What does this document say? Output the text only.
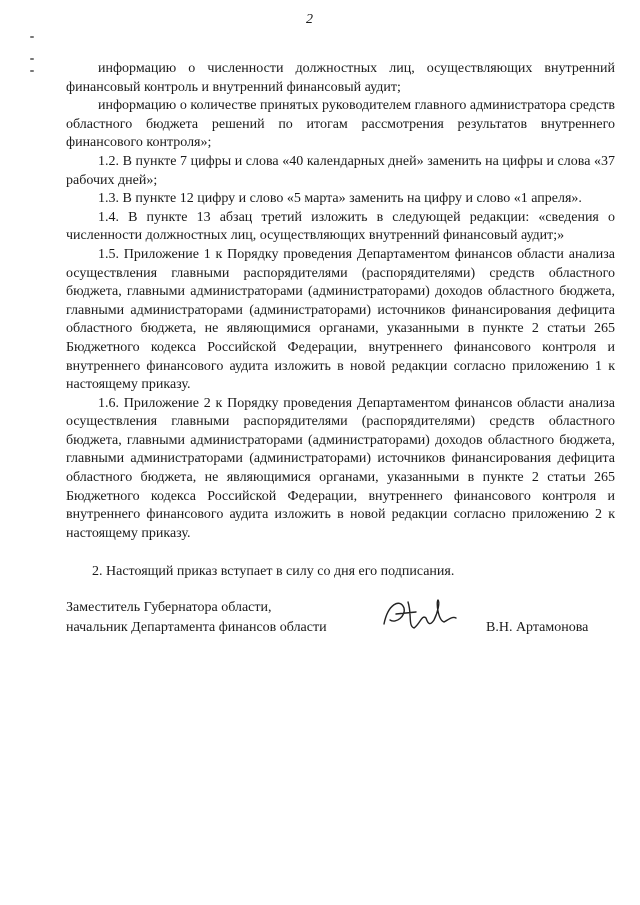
2

информацию о численности должностных лиц, осуществляющих внутренний финансовый контроль и внутренний финансовый аудит;

информацию о количестве принятых руководителем главного администратора средств областного бюджета решений по итогам рассмотрения результатов внутреннего финансового контроля»;

1.2. В пункте 7 цифры и слова «40 календарных дней» заменить на цифры и слова «37 рабочих дней»;

1.3. В пункте 12 цифру и слово «5 марта» заменить на цифру и слово «1 апреля».

1.4. В пункте 13 абзац третий изложить в следующей редакции: «сведения о численности должностных лиц, осуществляющих внутренний финансовый аудит;»

1.5. Приложение 1 к Порядку проведения Департаментом финансов области анализа осуществления главными распорядителями (распорядителями) средств областного бюджета, главными администраторами (администраторами) доходов областного бюджета, главными администраторами (администраторами) источников финансирования дефицита областного бюджета, не являющимися органами, указанными в пункте 2 статьи 265 Бюджетного кодекса Российской Федерации, внутреннего финансового контроля и внутреннего финансового аудита изложить в новой редакции согласно приложению 1 к настоящему приказу.

1.6. Приложение 2 к Порядку проведения Департаментом финансов области анализа осуществления главными распорядителями (распорядителями) средств областного бюджета, главными администраторами (администраторами) доходов областного бюджета, главными администраторами (администраторами) источников финансирования дефицита областного бюджета, не являющимися органами, указанными в пункте 2 статьи 265 Бюджетного кодекса Российской Федерации, внутреннего финансового контроля и внутреннего финансового аудита изложить в новой редакции согласно приложению 2 к настоящему приказу.

2. Настоящий приказ вступает в силу со дня его подписания.

Заместитель Губернатора области,
начальник Департамента финансов области	В.Н. Артамонова
